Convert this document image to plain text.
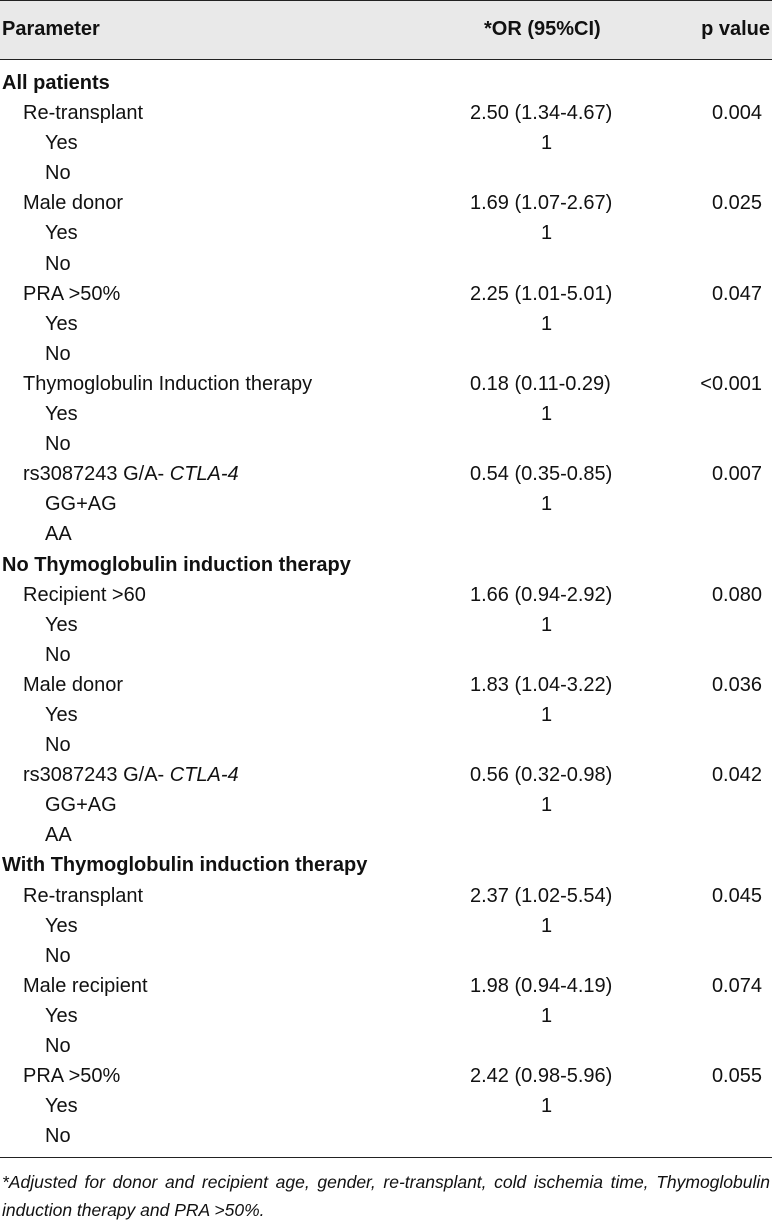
Parameter	*OR (95%CI)	p value
All patients
Re-transplant	2.50 (1.34-4.67)	0.004
Yes	1
No
Male donor	1.69 (1.07-2.67)	0.025
Yes	1
No
PRA >50%	2.25 (1.01-5.01)	0.047
Yes	1
No
Thymoglobulin Induction therapy	0.18 (0.11-0.29)	<0.001
Yes	1
No
rs3087243 G/A- CTLA-4	0.54 (0.35-0.85)	0.007
GG+AG	1
AA
No Thymoglobulin induction therapy
Recipient >60	1.66 (0.94-2.92)	0.080
Yes	1
No
Male donor	1.83 (1.04-3.22)	0.036
Yes	1
No
rs3087243 G/A- CTLA-4	0.56 (0.32-0.98)	0.042
GG+AG	1
AA
With Thymoglobulin induction therapy
Re-transplant	2.37 (1.02-5.54)	0.045
Yes	1
No
Male recipient	1.98 (0.94-4.19)	0.074
Yes	1
No
PRA >50%	2.42 (0.98-5.96)	0.055
Yes	1
No
*Adjusted for donor and recipient age, gender, re-transplant, cold ischemia time, Thymoglobulin induction therapy and PRA >50%.
